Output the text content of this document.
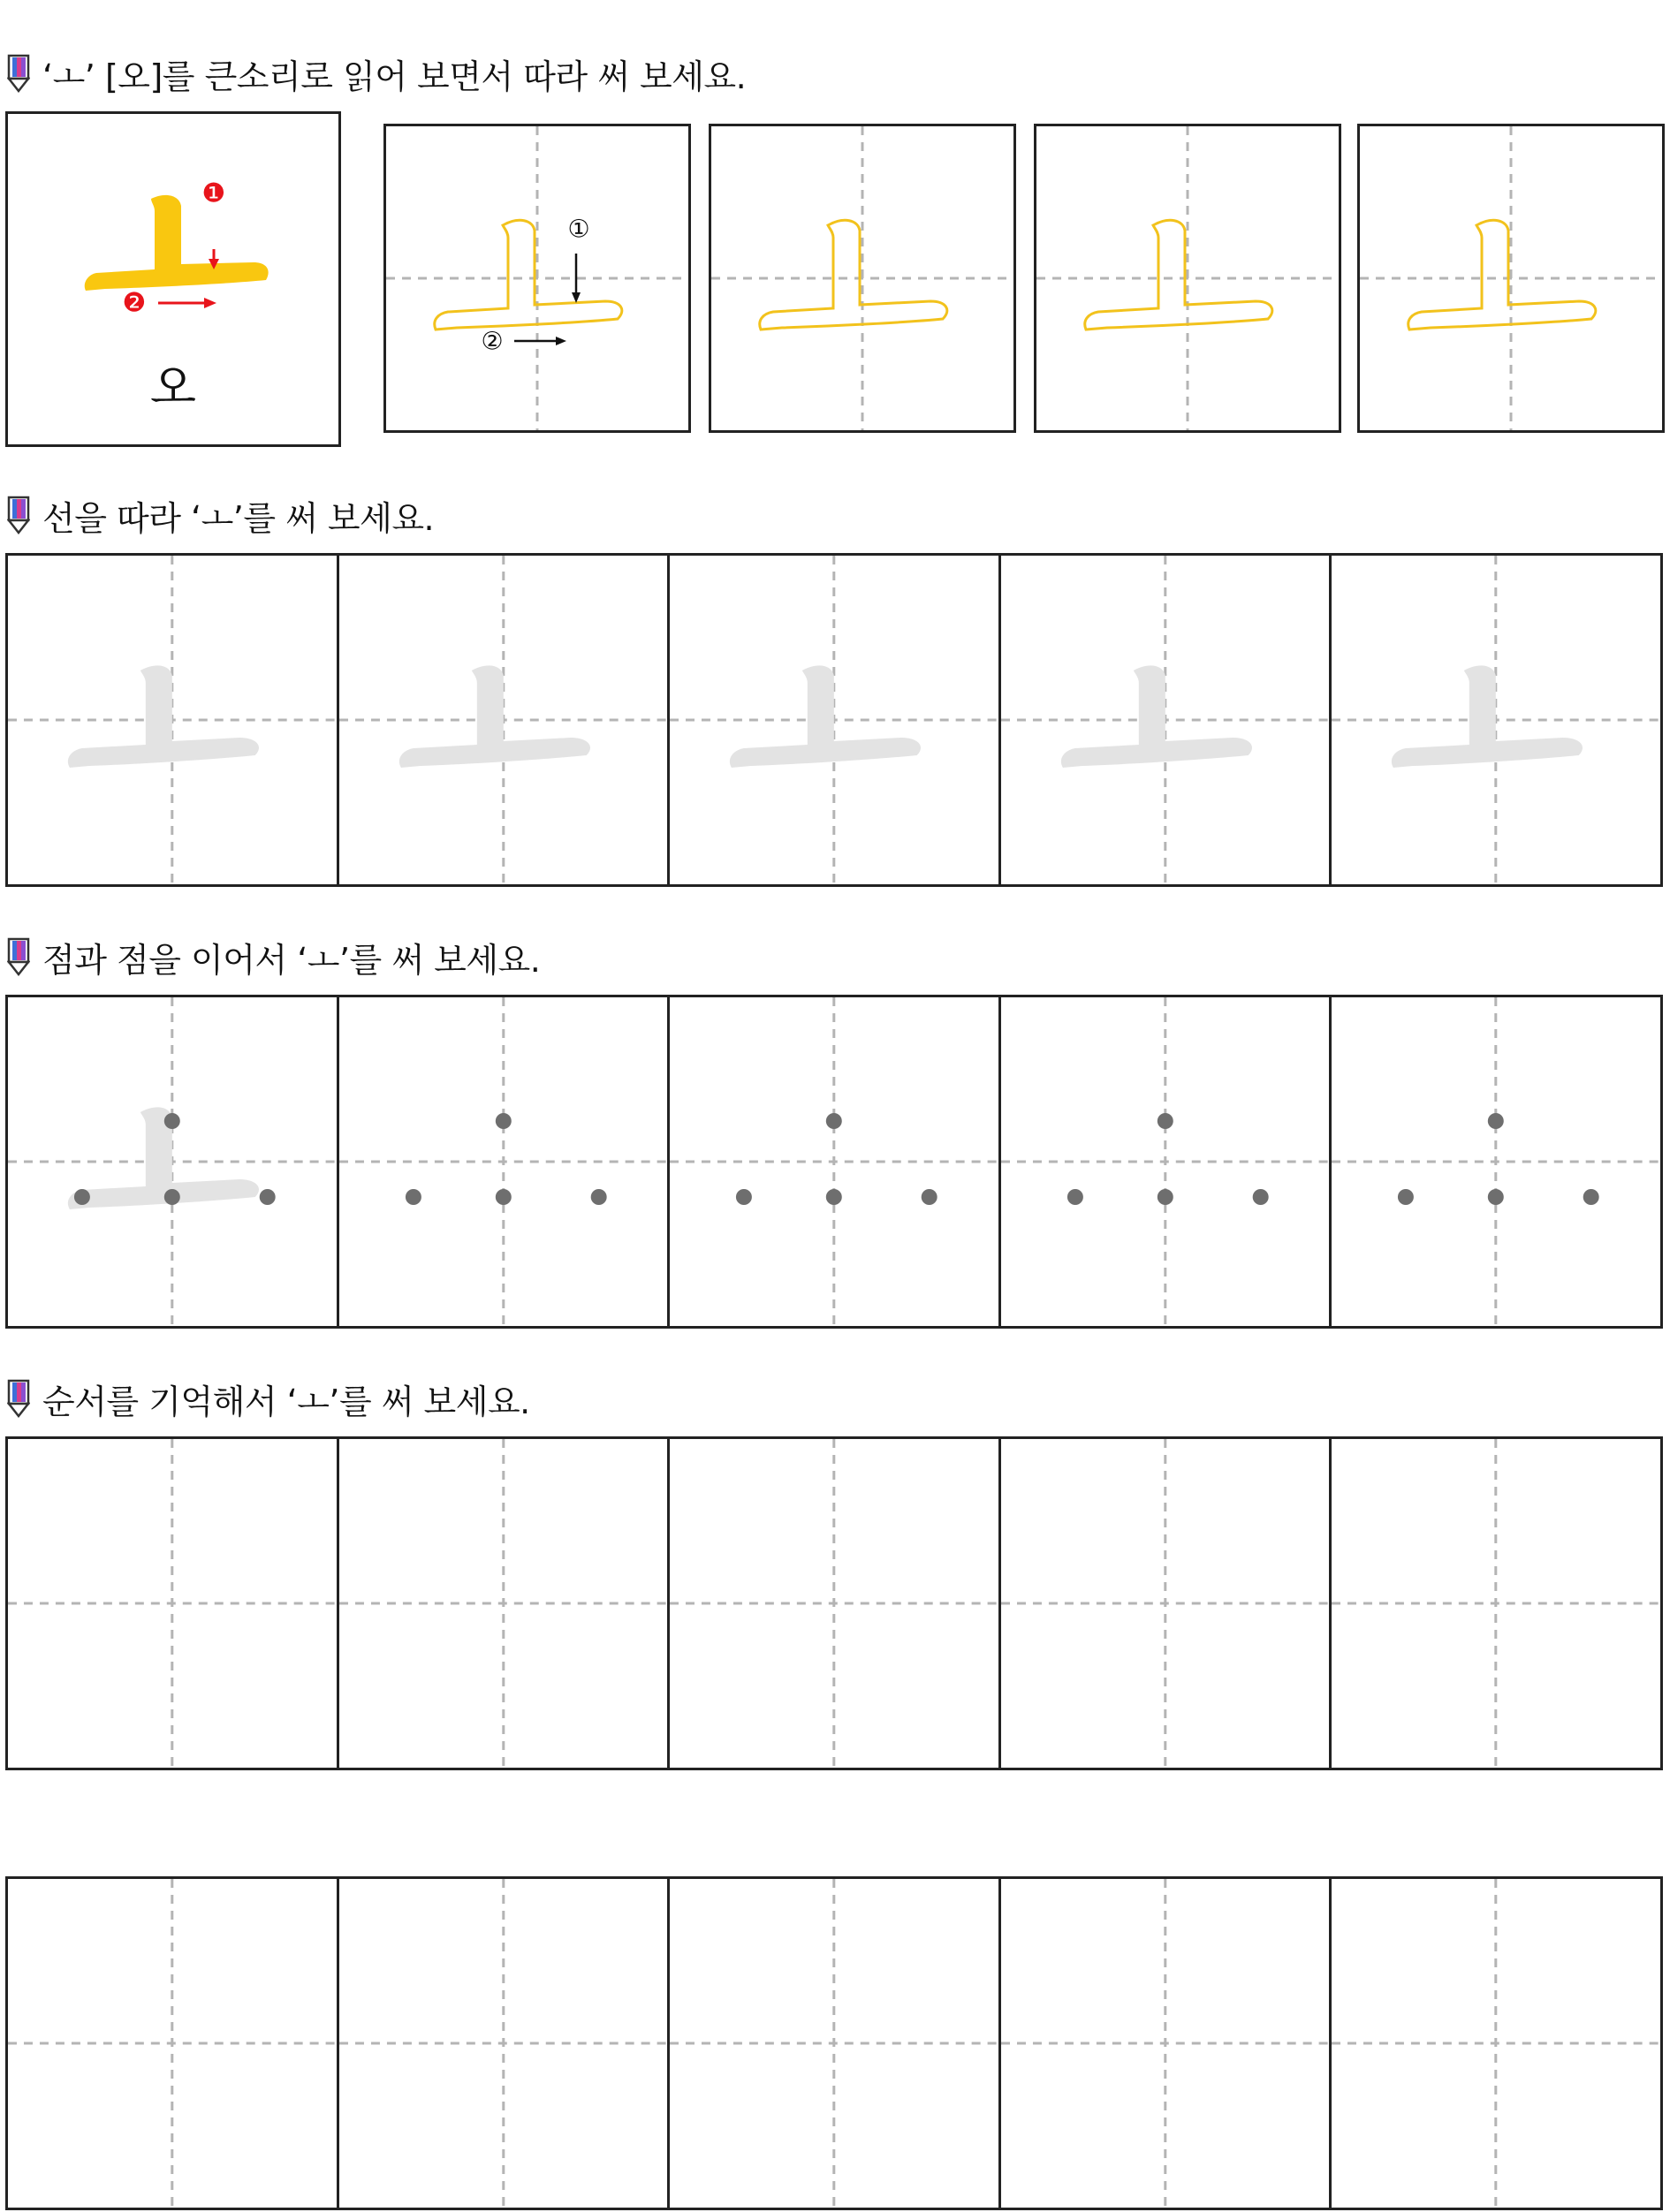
‘ㅗ’ [오]를 큰소리로 읽어 보면서 따라 써 보세요.
❶
❷
오
①
②
선을 따라 ‘ㅗ’를 써 보세요.
점과 점을 이어서 ‘ㅗ’를 써 보세요.
순서를 기억해서 ‘ㅗ’를 써 보세요.
